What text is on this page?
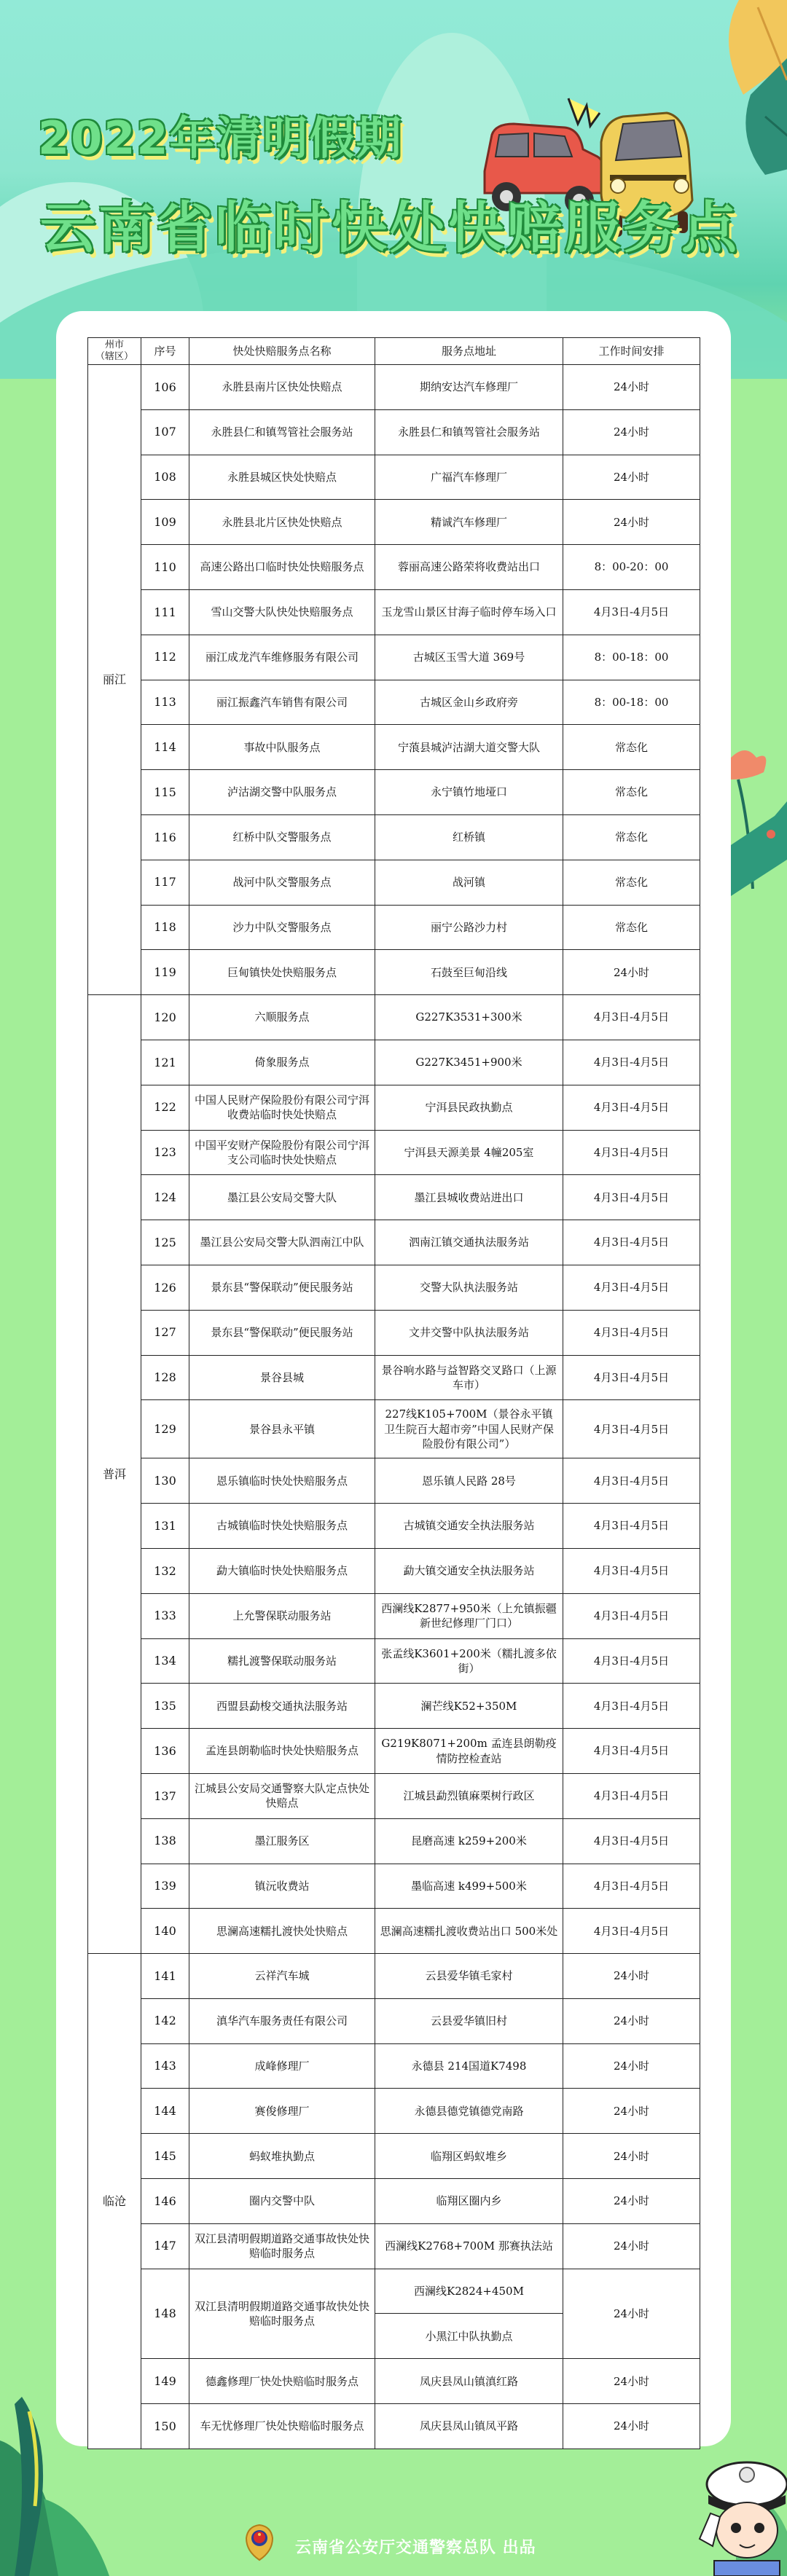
2022年清明假期
云南省临时快处快赔服务点
州市
（辖区）	序号	快处快赔服务点名称	服务点地址	工作时间安排
丽江	106	永胜县南片区快处快赔点	期纳安达汽车修理厂	24小时
	107	永胜县仁和镇驾管社会服务站	永胜县仁和镇驾管社会服务站	24小时
	108	永胜县城区快处快赔点	广福汽车修理厂	24小时
	109	永胜县北片区快处快赔点	精诚汽车修理厂	24小时
	110	高速公路出口临时快处快赔服务点	蓉丽高速公路荣将收费站出口	8：00-20：00
	111	雪山交警大队快处快赔服务点	玉龙雪山景区甘海子临时停车场入口	4月3日-4月5日
	112	丽江成龙汽车维修服务有限公司	古城区玉雪大道 369号	8：00-18：00
	113	丽江振鑫汽车销售有限公司	古城区金山乡政府旁	8：00-18：00
	114	事故中队服务点	宁蒗县城泸沽湖大道交警大队	常态化
	115	泸沽湖交警中队服务点	永宁镇竹地垭口	常态化
	116	红桥中队交警服务点	红桥镇	常态化
	117	战河中队交警服务点	战河镇	常态化
	118	沙力中队交警服务点	丽宁公路沙力村	常态化
	119	巨甸镇快处快赔服务点	石鼓至巨甸沿线	24小时
普洱	120	六顺服务点	G227K3531+300米	4月3日-4月5日
	121	倚象服务点	G227K3451+900米	4月3日-4月5日
	122	中国人民财产保险股份有限公司宁洱收费站临时快处快赔点	宁洱县民政执勤点	4月3日-4月5日
	123	中国平安财产保险股份有限公司宁洱支公司临时快处快赔点	宁洱县天源美景 4幢205室	4月3日-4月5日
	124	墨江县公安局交警大队	墨江县城收费站进出口	4月3日-4月5日
	125	墨江县公安局交警大队泗南江中队	泗南江镇交通执法服务站	4月3日-4月5日
	126	景东县“警保联动”便民服务站	交警大队执法服务站	4月3日-4月5日
	127	景东县“警保联动”便民服务站	文井交警中队执法服务站	4月3日-4月5日
	128	景谷县城	景谷响水路与益智路交叉路口（上源车市）	4月3日-4月5日
	129	景谷县永平镇	227线K105+700M（景谷永平镇卫生院百大超市旁”中国人民财产保险股份有限公司”）	4月3日-4月5日
	130	恩乐镇临时快处快赔服务点	恩乐镇人民路 28号	4月3日-4月5日
	131	古城镇临时快处快赔服务点	古城镇交通安全执法服务站	4月3日-4月5日
	132	勐大镇临时快处快赔服务点	勐大镇交通安全执法服务站	4月3日-4月5日
	133	上允警保联动服务站	西澜线K2877+950米（上允镇振疆新世纪修理厂门口）	4月3日-4月5日
	134	糯扎渡警保联动服务站	张孟线K3601+200米（糯扎渡多依街）	4月3日-4月5日
	135	西盟县勐梭交通执法服务站	澜芒线K52+350M	4月3日-4月5日
	136	孟连县朗勒临时快处快赔服务点	G219K8071+200m 孟连县朗勒疫情防控检查站	4月3日-4月5日
	137	江城县公安局交通警察大队定点快处快赔点	江城县勐烈镇麻栗树行政区	4月3日-4月5日
	138	墨江服务区	昆磨高速 k259+200米	4月3日-4月5日
	139	镇沅收费站	墨临高速 k499+500米	4月3日-4月5日
	140	思澜高速糯扎渡快处快赔点	思澜高速糯扎渡收费站出口 500米处	4月3日-4月5日
临沧	141	云祥汽车城	云县爱华镇毛家村	24小时
	142	滇华汽车服务责任有限公司	云县爱华镇旧村	24小时
	143	成峰修理厂	永德县 214国道K7498	24小时
	144	赛俊修理厂	永德县德党镇德党南路	24小时
	145	蚂蚁堆执勤点	临翔区蚂蚁堆乡	24小时
	146	圈内交警中队	临翔区圈内乡	24小时
	147	双江县清明假期道路交通事故快处快赔临时服务点	西澜线K2768+700M 那赛执法站	24小时
	148	双江县清明假期道路交通事故快处快赔临时服务点	西澜线K2824+450M	24小时
			小黑江中队执勤点	
	149	德鑫修理厂快处快赔临时服务点	凤庆县凤山镇滇红路	24小时
	150	车无忧修理厂快处快赔临时服务点	凤庆县凤山镇凤平路	24小时
云南省公安厅交通警察总队 出品
